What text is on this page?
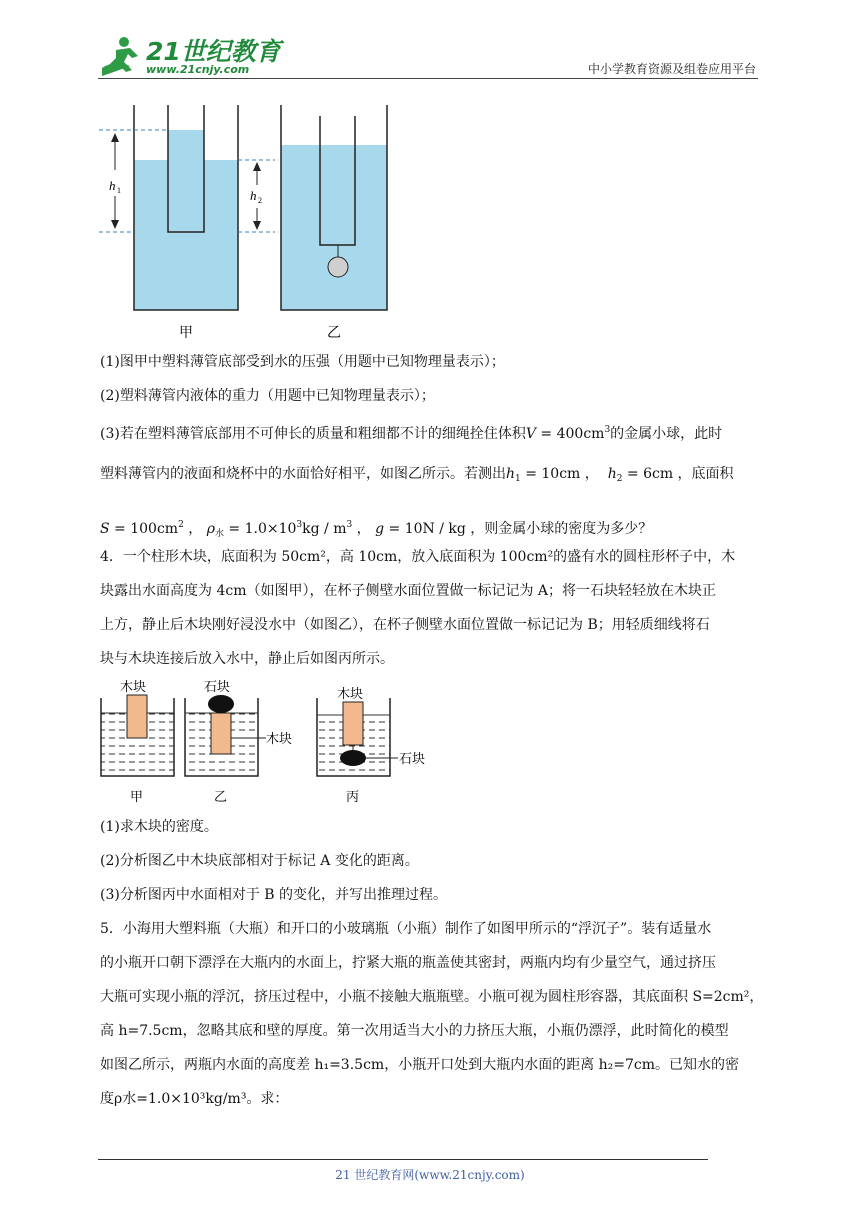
21世纪教育
www.21cnjy.com	中小学教育资源及组卷应用平台
h 1	h 2
甲	乙
(1)图甲中塑料薄管底部受到水的压强（用题中已知物理量表示）；
(2)塑料薄管内液体的重力（用题中已知物理量表示）；
(3)若在塑料薄管底部用不可伸长的质量和粗细都不计的细绳拴住体积$V = 400cm^3$的金属小球，此时
塑料薄管内的液面和烧杯中的水面恰好相平，如图乙所示。若测出$h_1 = 10cm$ ， $h_2 = 6cm$ ，底面积
$S = 100cm^2$ ， $\rho_水 = 1.0\times 10^3kg / m^3$ ， g = 10N / kg ，则金属小球的密度为多少？
4．一个柱形木块，底面积为 50cm²，高 10cm，放入底面积为 100cm²的盛有水的圆柱形杯子中，木
块露出水面高度为 4cm（如图甲），在杯子侧壁水面位置做一标记记为 A；将一石块轻轻放在木块正
上方，静止后木块刚好浸没水中（如图乙），在杯子侧壁水面位置做一标记记为 B；用轻质细线将石
块与木块连接后放入水中，静止后如图丙所示。
木块	石块
木块
木块
石块
甲	乙	丙
(1)求木块的密度。
(2)分析图乙中木块底部相对于标记 A 变化的距离。
(3)分析图丙中水面相对于 B 的变化，并写出推理过程。
5．小海用大塑料瓶（大瓶）和开口的小玻璃瓶（小瓶）制作了如图甲所示的“浮沉子”。装有适量水
的小瓶开口朝下漂浮在大瓶内的水面上，拧紧大瓶的瓶盖使其密封，两瓶内均有少量空气，通过挤压
大瓶可实现小瓶的浮沉，挤压过程中，小瓶不接触大瓶瓶壁。小瓶可视为圆柱形容器，其底面积 S=2cm²，
高 h=7.5cm，忽略其底和壁的厚度。第一次用适当大小的力挤压大瓶，小瓶仍漂浮，此时简化的模型
如图乙所示，两瓶内水面的高度差 h₁=3.5cm，小瓶开口处到大瓶内水面的距离 h₂=7cm。已知水的密
度ρ水=1.0×10³kg/m³。求：
21 世纪教育网(www.21cnjy.com)
